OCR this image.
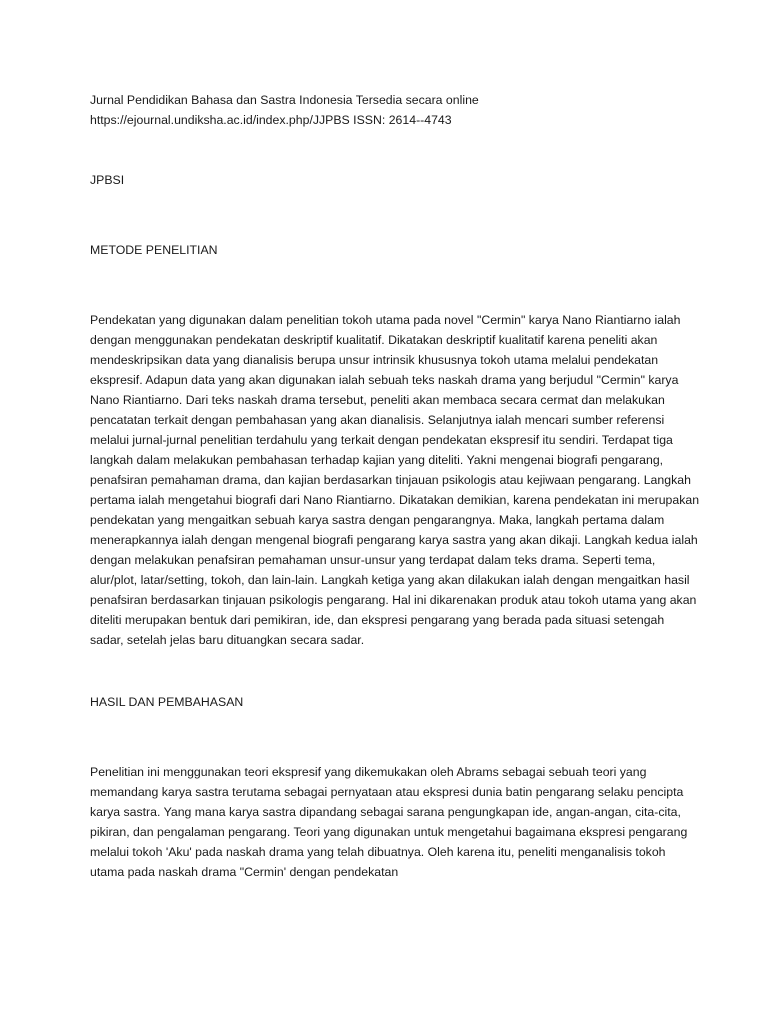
Jurnal Pendidikan Bahasa dan Sastra Indonesia Tersedia secara online

https://ejournal.undiksha.ac.id/index.php/JJPBS ISSN: 2614--4743

JPBSI

METODE PENELITIAN

Pendekatan yang digunakan dalam penelitian tokoh utama pada novel "Cermin" karya Nano Riantiarno ialah dengan menggunakan pendekatan deskriptif kualitatif. Dikatakan deskriptif kualitatif karena peneliti akan mendeskripsikan data yang dianalisis berupa unsur intrinsik khususnya tokoh utama melalui pendekatan ekspresif. Adapun data yang akan digunakan ialah sebuah teks naskah drama yang berjudul "Cermin" karya Nano Riantiarno. Dari teks naskah drama tersebut, peneliti akan membaca secara cermat dan melakukan pencatatan terkait dengan pembahasan yang akan dianalisis. Selanjutnya ialah mencari sumber referensi melalui jurnal-jurnal penelitian terdahulu yang terkait dengan pendekatan ekspresif itu sendiri. Terdapat tiga langkah dalam melakukan pembahasan terhadap kajian yang diteliti. Yakni mengenai biografi pengarang, penafsiran pemahaman drama, dan kajian berdasarkan tinjauan psikologis atau kejiwaan pengarang. Langkah pertama ialah mengetahui biografi dari Nano Riantiarno. Dikatakan demikian, karena pendekatan ini merupakan pendekatan yang mengaitkan sebuah karya sastra dengan pengarangnya. Maka, langkah pertama dalam menerapkannya ialah dengan mengenal biografi pengarang karya sastra yang akan dikaji. Langkah kedua ialah dengan melakukan penafsiran pemahaman unsur-unsur yang terdapat dalam teks drama. Seperti tema, alur/plot, latar/setting, tokoh, dan lain-lain. Langkah ketiga yang akan dilakukan ialah dengan mengaitkan hasil penafsiran berdasarkan tinjauan psikologis pengarang. Hal ini dikarenakan produk atau tokoh utama yang akan diteliti merupakan bentuk dari pemikiran, ide, dan ekspresi pengarang yang berada pada situasi setengah sadar, setelah jelas baru dituangkan secara sadar.

HASIL DAN PEMBAHASAN

Penelitian ini menggunakan teori ekspresif yang dikemukakan oleh Abrams sebagai sebuah teori yang memandang karya sastra terutama sebagai pernyataan atau ekspresi dunia batin pengarang selaku pencipta karya sastra. Yang mana karya sastra dipandang sebagai sarana pengungkapan ide, angan-angan, cita-cita, pikiran, dan pengalaman pengarang. Teori yang digunakan untuk mengetahui bagaimana ekspresi pengarang melalui tokoh 'Aku' pada naskah drama yang telah dibuatnya. Oleh karena itu, peneliti menganalisis tokoh utama pada naskah drama "Cermin' dengan pendekatan
